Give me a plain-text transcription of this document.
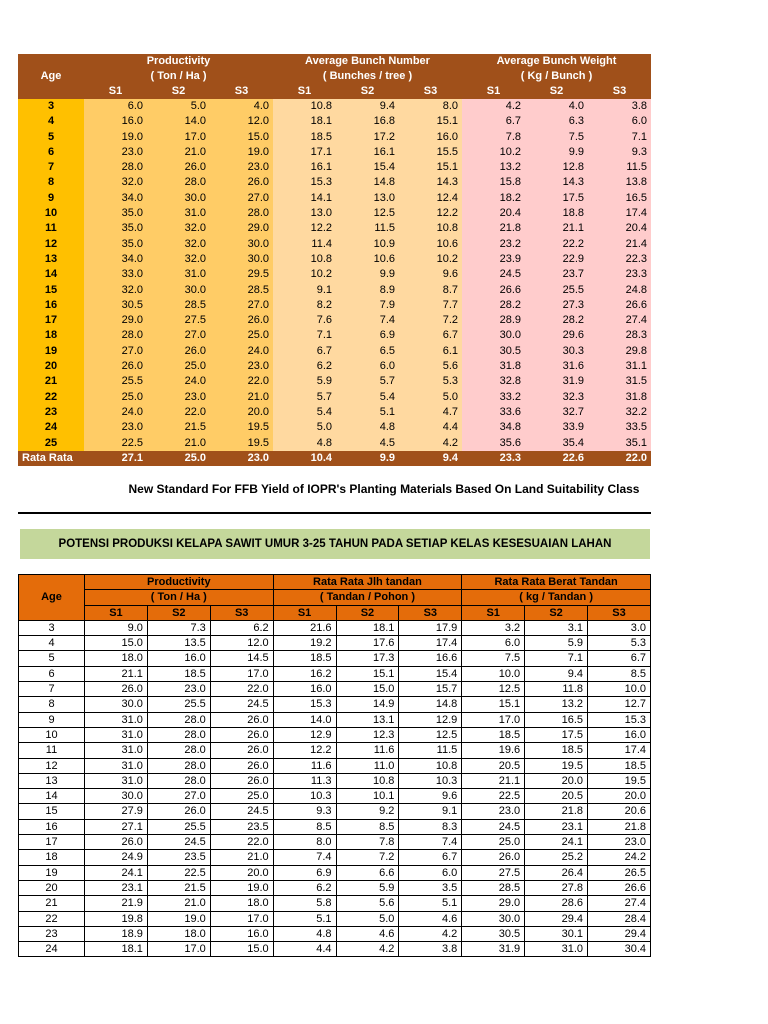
Age	Productivity			Average Bunch Number			Average Bunch Weight		
	( Ton / Ha )			( Bunches / tree )			( Kg / Bunch )		
	S1	S2	S3	S1	S2	S3	S1	S2	S3
3	6.0	5.0	4.0	10.8	9.4	8.0	4.2	4.0	3.8
4	16.0	14.0	12.0	18.1	16.8	15.1	6.7	6.3	6.0
5	19.0	17.0	15.0	18.5	17.2	16.0	7.8	7.5	7.1
6	23.0	21.0	19.0	17.1	16.1	15.5	10.2	9.9	9.3
7	28.0	26.0	23.0	16.1	15.4	15.1	13.2	12.8	11.5
8	32.0	28.0	26.0	15.3	14.8	14.3	15.8	14.3	13.8
9	34.0	30.0	27.0	14.1	13.0	12.4	18.2	17.5	16.5
10	35.0	31.0	28.0	13.0	12.5	12.2	20.4	18.8	17.4
11	35.0	32.0	29.0	12.2	11.5	10.8	21.8	21.1	20.4
12	35.0	32.0	30.0	11.4	10.9	10.6	23.2	22.2	21.4
13	34.0	32.0	30.0	10.8	10.6	10.2	23.9	22.9	22.3
14	33.0	31.0	29.5	10.2	9.9	9.6	24.5	23.7	23.3
15	32.0	30.0	28.5	9.1	8.9	8.7	26.6	25.5	24.8
16	30.5	28.5	27.0	8.2	7.9	7.7	28.2	27.3	26.6
17	29.0	27.5	26.0	7.6	7.4	7.2	28.9	28.2	27.4
18	28.0	27.0	25.0	7.1	6.9	6.7	30.0	29.6	28.3
19	27.0	26.0	24.0	6.7	6.5	6.1	30.5	30.3	29.8
20	26.0	25.0	23.0	6.2	6.0	5.6	31.8	31.6	31.1
21	25.5	24.0	22.0	5.9	5.7	5.3	32.8	31.9	31.5
22	25.0	23.0	21.0	5.7	5.4	5.0	33.2	32.3	31.8
23	24.0	22.0	20.0	5.4	5.1	4.7	33.6	32.7	32.2
24	23.0	21.5	19.5	5.0	4.8	4.4	34.8	33.9	33.5
25	22.5	21.0	19.5	4.8	4.5	4.2	35.6	35.4	35.1
Rata Rata	27.1	25.0	23.0	10.4	9.9	9.4	23.3	22.6	22.0
New Standard For FFB Yield of IOPR's Planting Materials Based On Land Suitability Class
POTENSI PRODUKSI KELAPA SAWIT UMUR 3-25 TAHUN PADA SETIAP KELAS KESESUAIAN LAHAN
Age	Productivity			Rata Rata Jlh tandan			Rata Rata Berat Tandan		
	( Ton / Ha )			( Tandan / Pohon )			( kg / Tandan )		
	S1	S2	S3	S1	S2	S3	S1	S2	S3
3	9.0	7.3	6.2	21.6	18.1	17.9	3.2	3.1	3.0
4	15.0	13.5	12.0	19.2	17.6	17.4	6.0	5.9	5.3
5	18.0	16.0	14.5	18.5	17.3	16.6	7.5	7.1	6.7
6	21.1	18.5	17.0	16.2	15.1	15.4	10.0	9.4	8.5
7	26.0	23.0	22.0	16.0	15.0	15.7	12.5	11.8	10.0
8	30.0	25.5	24.5	15.3	14.9	14.8	15.1	13.2	12.7
9	31.0	28.0	26.0	14.0	13.1	12.9	17.0	16.5	15.3
10	31.0	28.0	26.0	12.9	12.3	12.5	18.5	17.5	16.0
11	31.0	28.0	26.0	12.2	11.6	11.5	19.6	18.5	17.4
12	31.0	28.0	26.0	11.6	11.0	10.8	20.5	19.5	18.5
13	31.0	28.0	26.0	11.3	10.8	10.3	21.1	20.0	19.5
14	30.0	27.0	25.0	10.3	10.1	9.6	22.5	20.5	20.0
15	27.9	26.0	24.5	9.3	9.2	9.1	23.0	21.8	20.6
16	27.1	25.5	23.5	8.5	8.5	8.3	24.5	23.1	21.8
17	26.0	24.5	22.0	8.0	7.8	7.4	25.0	24.1	23.0
18	24.9	23.5	21.0	7.4	7.2	6.7	26.0	25.2	24.2
19	24.1	22.5	20.0	6.9	6.6	6.0	27.5	26.4	26.5
20	23.1	21.5	19.0	6.2	5.9	3.5	28.5	27.8	26.6
21	21.9	21.0	18.0	5.8	5.6	5.1	29.0	28.6	27.4
22	19.8	19.0	17.0	5.1	5.0	4.6	30.0	29.4	28.4
23	18.9	18.0	16.0	4.8	4.6	4.2	30.5	30.1	29.4
24	18.1	17.0	15.0	4.4	4.2	3.8	31.9	31.0	30.4
